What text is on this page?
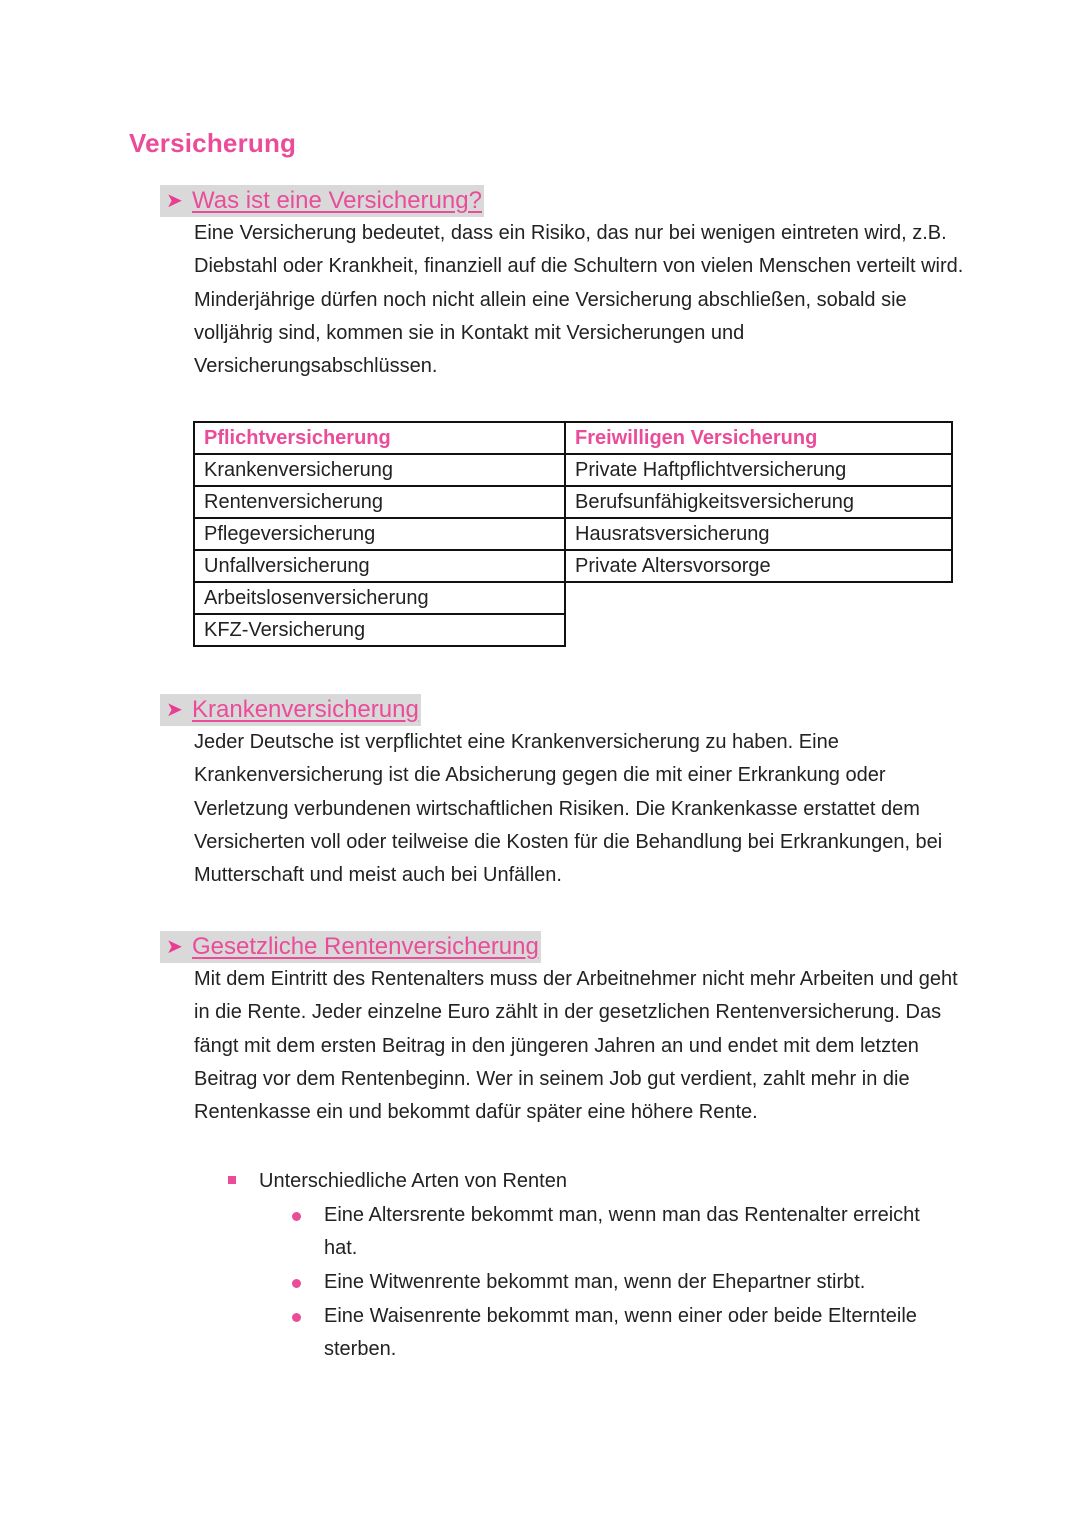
Versicherung
➤ Was ist eine Versicherung?

Eine Versicherung bedeutet, dass ein Risiko, das nur bei wenigen eintreten wird, z.B. Diebstahl oder Krankheit, finanziell auf die Schultern von vielen Menschen verteilt wird.

Minderjährige dürfen noch nicht allein eine Versicherung abschließen, sobald sie volljährig sind, kommen sie in Kontakt mit Versicherungen und Versicherungsabschlüssen.

Pflichtversicherung	Freiwilligen Versicherung
Krankenversicherung	Private Haftpflichtversicherung
Rentenversicherung	Berufsunfähigkeitsversicherung
Pflegeversicherung	Hausratsversicherung
Unfallversicherung	Private Altersvorsorge
Arbeitslosenversicherung	
KFZ-Versicherung	
➤ Krankenversicherung

Jeder Deutsche ist verpflichtet eine Krankenversicherung zu haben. Eine Krankenversicherung ist die Absicherung gegen die mit einer Erkrankung oder Verletzung verbundenen wirtschaftlichen Risiken. Die Krankenkasse erstattet dem Versicherten voll oder teilweise die Kosten für die Behandlung bei Erkrankungen, bei Mutterschaft und meist auch bei Unfällen.

➤ Gesetzliche Rentenversicherung

Mit dem Eintritt des Rentenalters muss der Arbeitnehmer nicht mehr Arbeiten und geht in die Rente. Jeder einzelne Euro zählt in der gesetzlichen Rentenversicherung. Das fängt mit dem ersten Beitrag in den jüngeren Jahren an und endet mit dem letzten Beitrag vor dem Rentenbeginn. Wer in seinem Job gut verdient, zahlt mehr in die Rentenkasse ein und bekommt dafür später eine höhere Rente.

Unterschiedliche Arten von Renten
Eine Altersrente bekommt man, wenn man das Rentenalter erreicht hat.
Eine Witwenrente bekommt man, wenn der Ehepartner stirbt.
Eine Waisenrente bekommt man, wenn einer oder beide Elternteile sterben.
